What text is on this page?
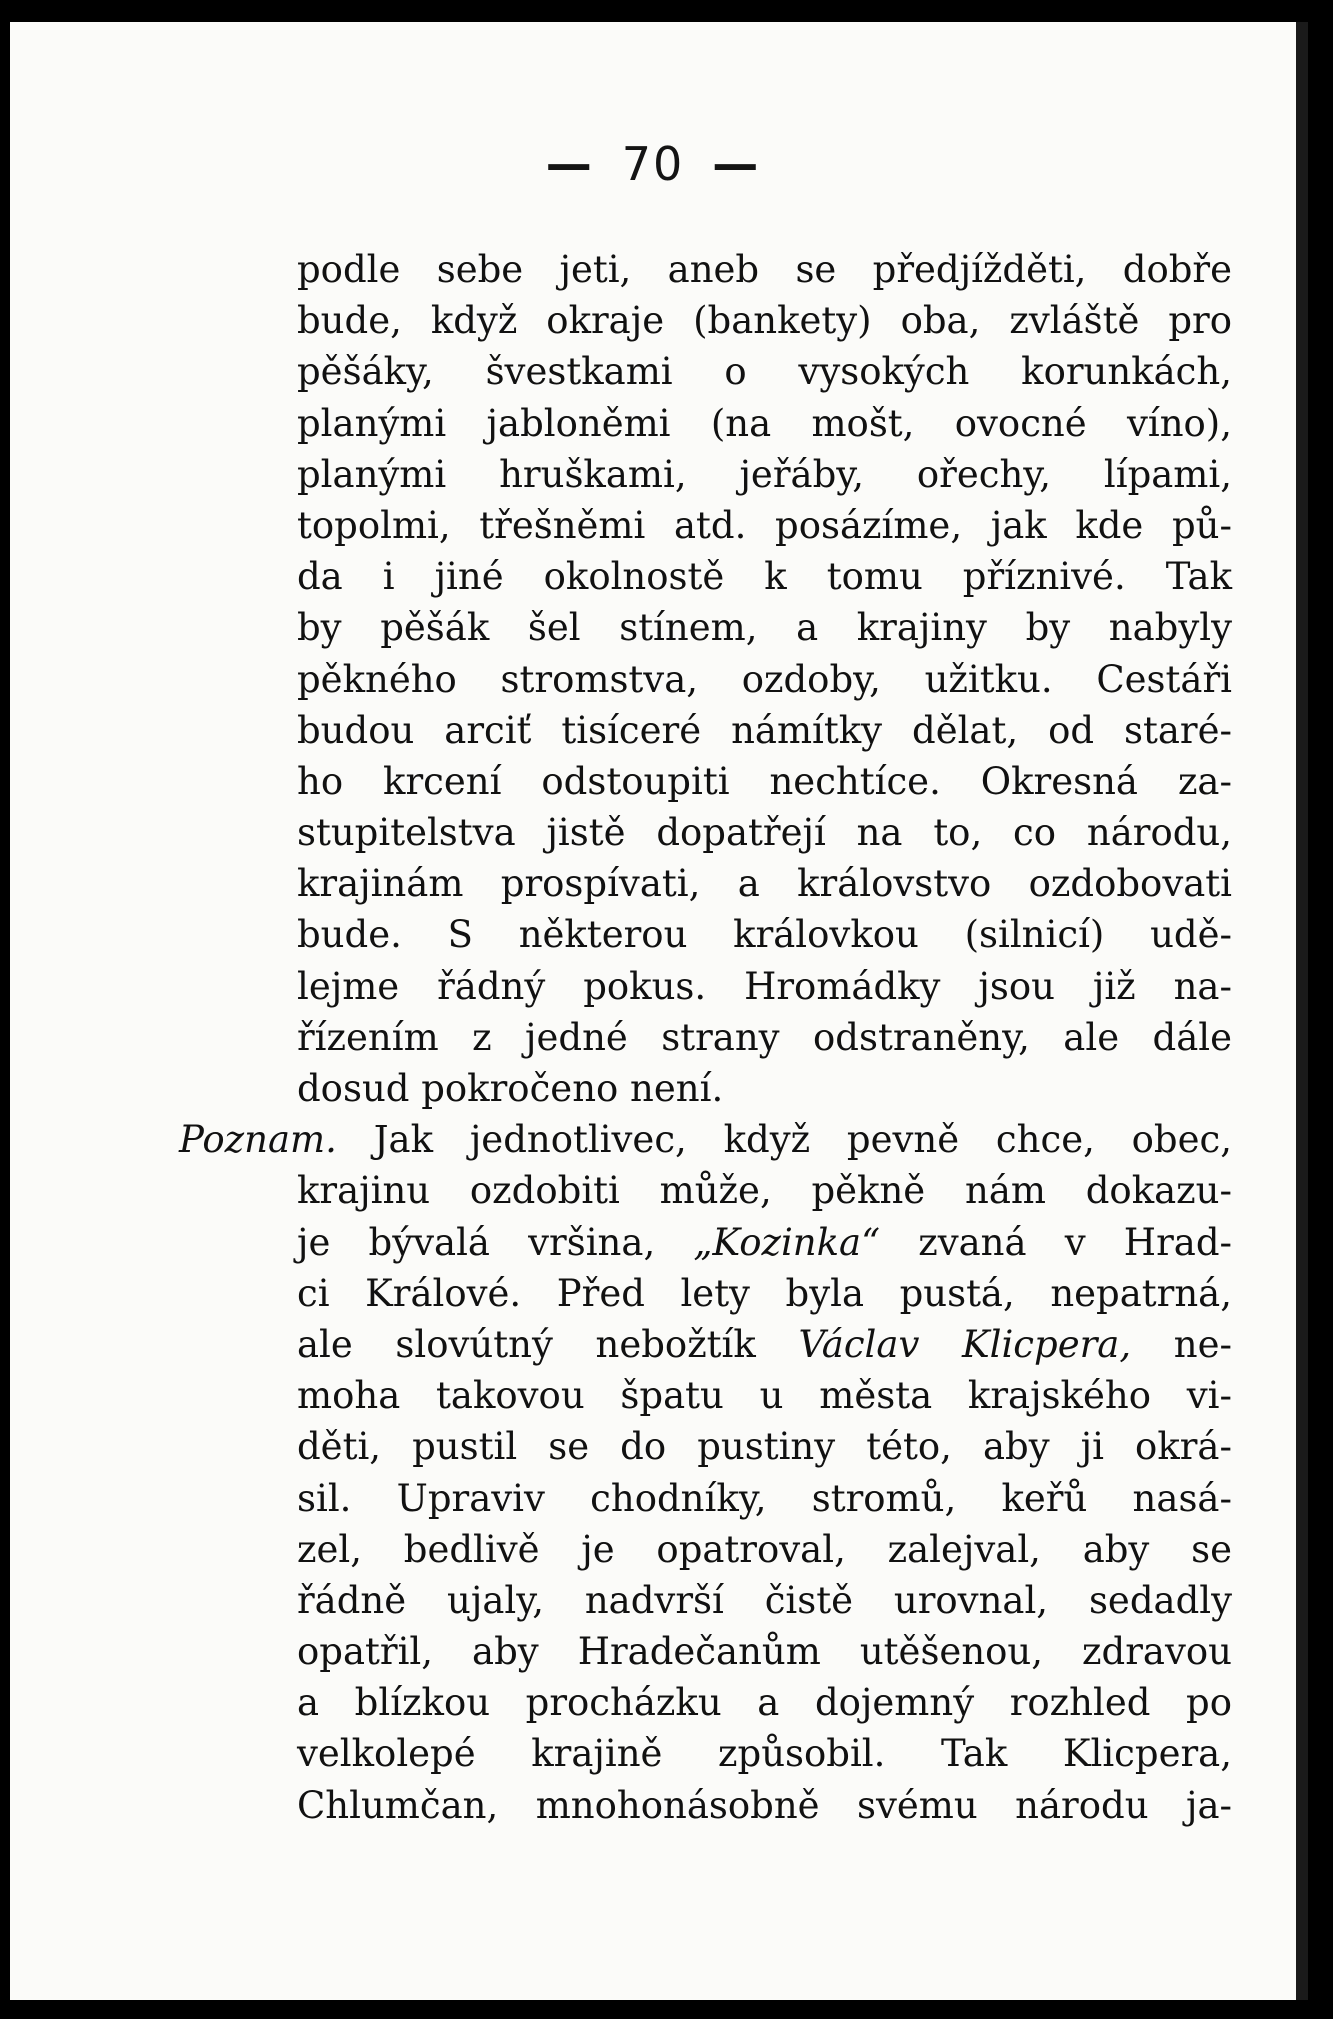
— 70 —
podle sebe jeti, aneb se předjížděti, dobře
bude, když okraje (bankety) oba, zvláště pro
pěšáky, švestkami o vysokých korunkách,
planými jabloněmi (na mošt, ovocné víno),
planými hruškami, jeřáby, ořechy, lípami,
topolmi, třešněmi atd. posázíme, jak kde pů-
da i jiné okolnostě k tomu příznivé. Tak
by pěšák šel stínem, a krajiny by nabyly
pěkného stromstva, ozdoby, užitku. Cestáři
budou arciť tisíceré námítky dělat, od staré-
ho krcení odstoupiti nechtíce. Okresná za-
stupitelstva jistě dopatřejí na to, co národu,
krajinám prospívati, a královstvo ozdobovati
bude. S některou královkou (silnicí) udě-
lejme řádný pokus. Hromádky jsou již na-
řízením z jedné strany odstraněny, ale dále
dosud pokročeno není.
Poznam. Jak jednotlivec, když pevně chce, obec,
krajinu ozdobiti může, pěkně nám dokazu-
je bývalá vršina, „Kozinka“ zvaná v Hrad-
ci Králové. Před lety byla pustá, nepatrná,
ale slovútný nebožtík Václav Klicpera, ne-
moha takovou špatu u města krajského vi-
děti, pustil se do pustiny této, aby ji okrá-
sil. Upraviv chodníky, stromů, keřů nasá-
zel, bedlivě je opatroval, zalejval, aby se
řádně ujaly, nadvrší čistě urovnal, sedadly
opatřil, aby Hradečanům utěšenou, zdravou
a blízkou procházku a dojemný rozhled po
velkolepé krajině způsobil. Tak Klicpera,
Chlumčan, mnohonásobně svému národu ja-
